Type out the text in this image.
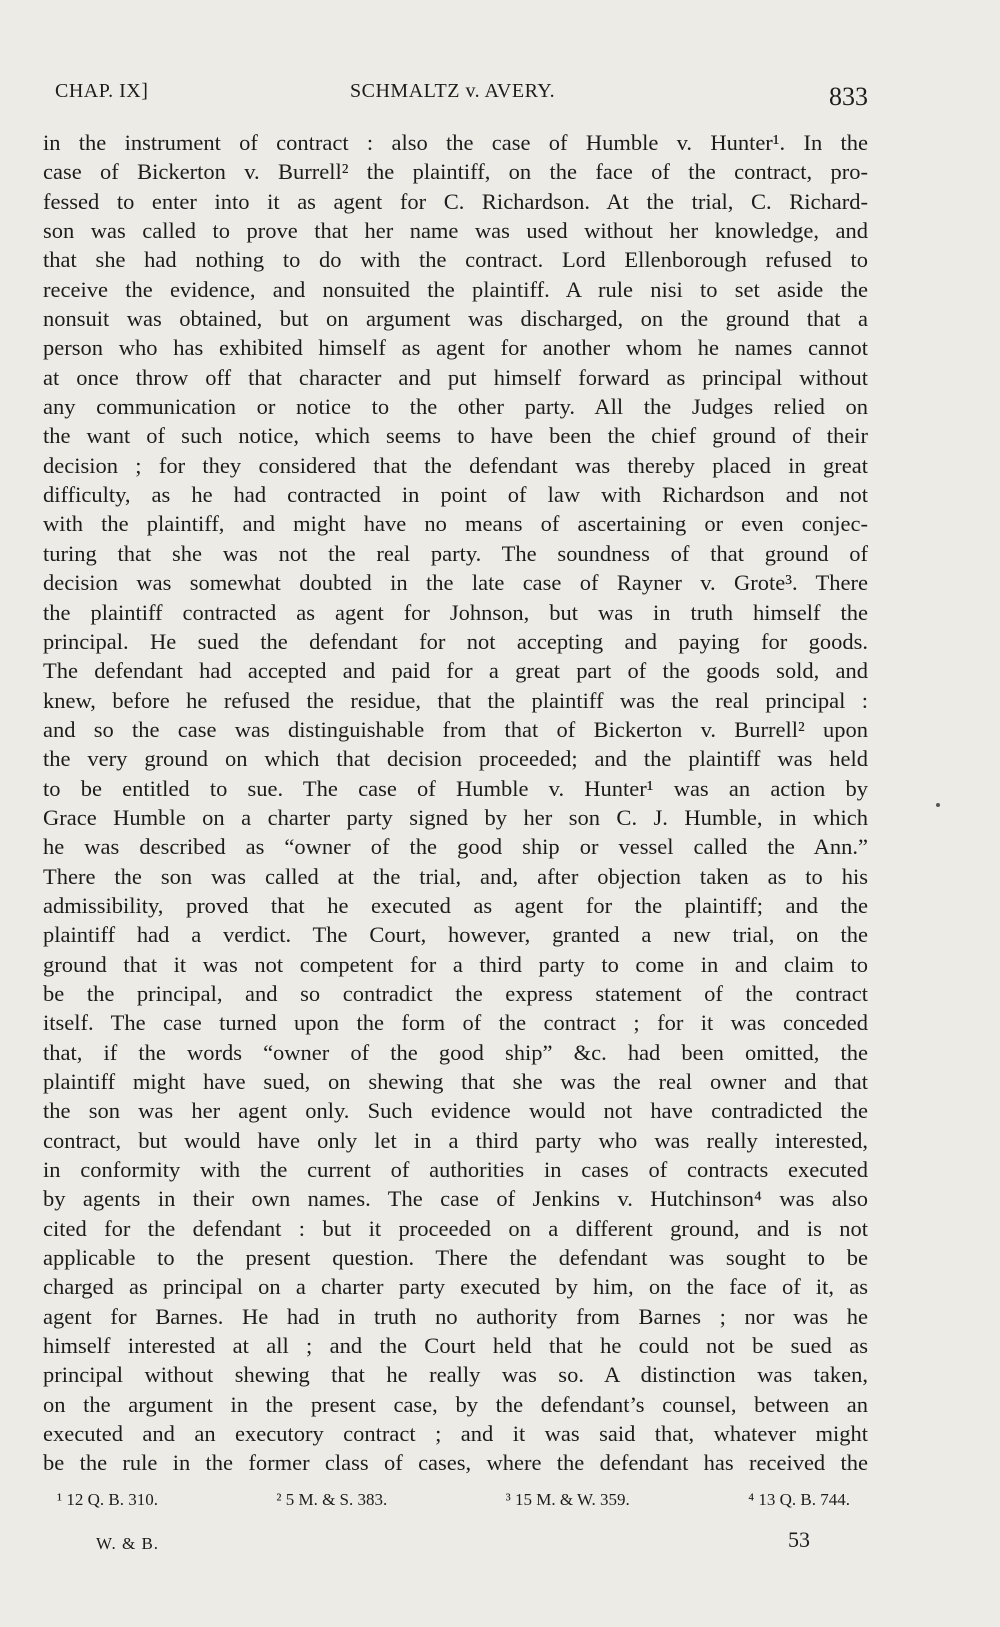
CHAP. IX]	SCHMALTZ v. AVERY.	833
in the instrument of contract : also the case of Humble v. Hunter¹. In the
case of Bickerton v. Burrell² the plaintiff, on the face of the contract, pro-
fessed to enter into it as agent for C. Richardson. At the trial, C. Richard-
son was called to prove that her name was used without her knowledge, and
that she had nothing to do with the contract. Lord Ellenborough refused to
receive the evidence, and nonsuited the plaintiff. A rule nisi to set aside the
nonsuit was obtained, but on argument was discharged, on the ground that a
person who has exhibited himself as agent for another whom he names cannot
at once throw off that character and put himself forward as principal without
any communication or notice to the other party. All the Judges relied on
the want of such notice, which seems to have been the chief ground of their
decision ; for they considered that the defendant was thereby placed in great
difficulty, as he had contracted in point of law with Richardson and not
with the plaintiff, and might have no means of ascertaining or even conjec-
turing that she was not the real party. The soundness of that ground of
decision was somewhat doubted in the late case of Rayner v. Grote³. There
the plaintiff contracted as agent for Johnson, but was in truth himself the
principal. He sued the defendant for not accepting and paying for goods.
The defendant had accepted and paid for a great part of the goods sold, and
knew, before he refused the residue, that the plaintiff was the real principal :
and so the case was distinguishable from that of Bickerton v. Burrell² upon
the very ground on which that decision proceeded; and the plaintiff was held
to be entitled to sue. The case of Humble v. Hunter¹ was an action by
Grace Humble on a charter party signed by her son C. J. Humble, in which
he was described as “owner of the good ship or vessel called the Ann.”
There the son was called at the trial, and, after objection taken as to his
admissibility, proved that he executed as agent for the plaintiff; and the
plaintiff had a verdict. The Court, however, granted a new trial, on the
ground that it was not competent for a third party to come in and claim to
be the principal, and so contradict the express statement of the contract
itself. The case turned upon the form of the contract ; for it was conceded
that, if the words “owner of the good ship” &c. had been omitted, the
plaintiff might have sued, on shewing that she was the real owner and that
the son was her agent only. Such evidence would not have contradicted the
contract, but would have only let in a third party who was really interested,
in conformity with the current of authorities in cases of contracts executed
by agents in their own names. The case of Jenkins v. Hutchinson⁴ was also
cited for the defendant : but it proceeded on a different ground, and is not
applicable to the present question. There the defendant was sought to be
charged as principal on a charter party executed by him, on the face of it, as
agent for Barnes. He had in truth no authority from Barnes ; nor was he
himself interested at all ; and the Court held that he could not be sued as
principal without shewing that he really was so. A distinction was taken,
on the argument in the present case, by the defendant’s counsel, between an
executed and an executory contract ; and it was said that, whatever might
be the rule in the former class of cases, where the defendant has received the
¹ 12 Q. B. 310.	² 5 M. & S. 383.	³ 15 M. & W. 359.	⁴ 13 Q. B. 744.
W. & B.	53
